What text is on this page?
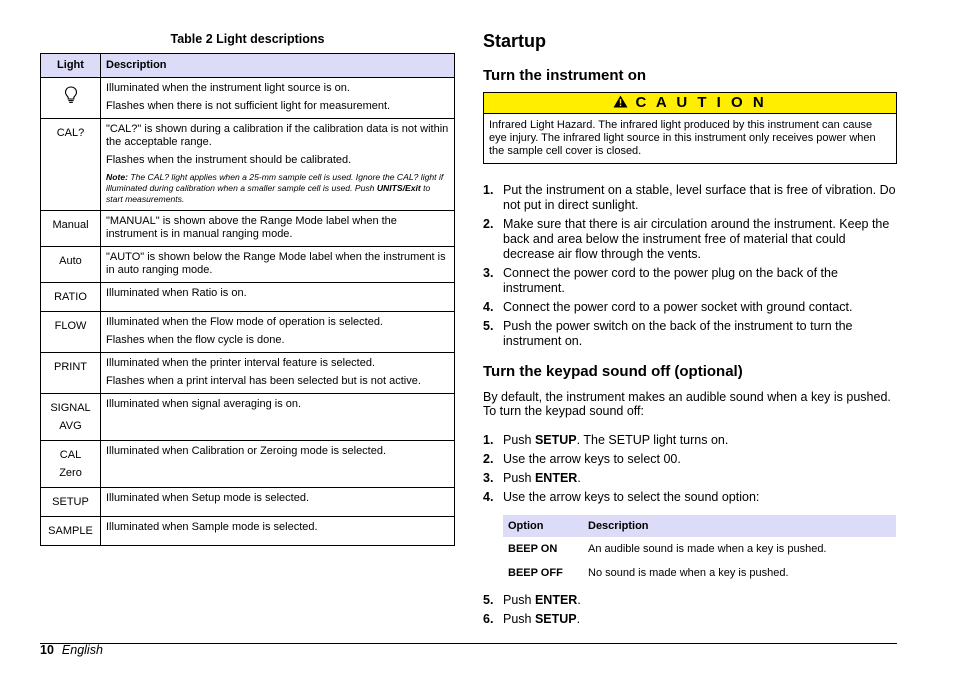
Table 2 Light descriptions
Light	Description

Illuminated when the instrument light source is on.

Flashes when there is not sufficient light for measurement.

CAL?	"CAL?" is shown during a calibration if the calibration data is not within the acceptable range.

Flashes when the instrument should be calibrated.

Note: The CAL? light applies when a 25-mm sample cell is used. Ignore the CAL? light if illuminated during calibration when a smaller sample cell is used. Push UNITS/Exit to start measurements.

Manual	"MANUAL" is shown above the Range Mode label when the instrument is in manual ranging mode.

Auto	"AUTO" is shown below the Range Mode label when the instrument is in auto ranging mode.

RATIO	Illuminated when Ratio is on.

FLOW	Illuminated when the Flow mode of operation is selected.

Flashes when the flow cycle is done.

PRINT	Illuminated when the printer interval feature is selected.

Flashes when a print interval has been selected but is not active.

SIGNAL
AVG	Illuminated when signal averaging is on.

CAL
Zero	Illuminated when Calibration or Zeroing mode is selected.

SETUP	Illuminated when Setup mode is selected.

SAMPLE	Illuminated when Sample mode is selected.

Startup
Turn the instrument on
C A U T I O N
Infrared Light Hazard. The infrared light produced by this instrument can cause eye injury. The infrared light source in this instrument only receives power when the sample cell cover is closed.
1. Put the instrument on a stable, level surface that is free of vibration. Do not put in direct sunlight.
2. Make sure that there is air circulation around the instrument. Keep the back and area below the instrument free of material that could decrease air flow through the vents.
3. Connect the power cord to the power plug on the back of the instrument.
4. Connect the power cord to a power socket with ground contact.
5. Push the power switch on the back of the instrument to turn the instrument on.
Turn the keypad sound off (optional)

By default, the instrument makes an audible sound when a key is pushed. To turn the keypad sound off:

1. Push SETUP. The SETUP light turns on.
2. Use the arrow keys to select 00.
3. Push ENTER.
4. Use the arrow keys to select the sound option:
Option	Description
BEEP ON	An audible sound is made when a key is pushed.
BEEP OFF	No sound is made when a key is pushed.
5. Push ENTER.
6. Push SETUP.
10 English
